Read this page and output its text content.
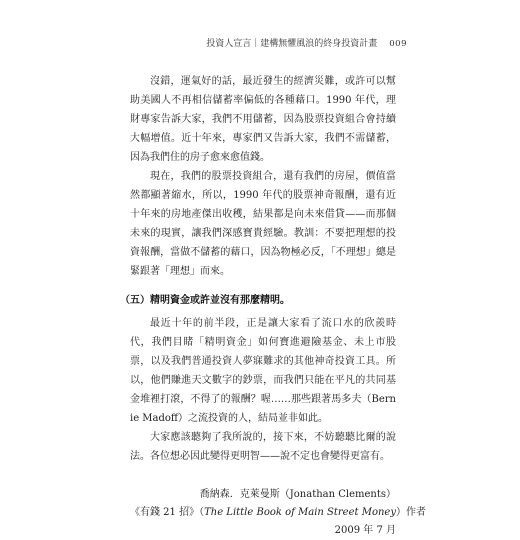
投資人宣言｜建構無懼風浪的終身投資計畫 009

沒錯，運氣好的話，最近發生的經濟災難，或許可以幫助美國人不再相信儲蓄率偏低的各種藉口。1990 年代，理財專家告訴大家，我們不用儲蓄，因為股票投資組合會持續大幅增值。近十年來，專家們又告訴大家，我們不需儲蓄，因為我們住的房子愈來愈值錢。

現在，我們的股票投資組合，還有我們的房屋，價值當然都顯著縮水，所以，1990 年代的股票神奇報酬，還有近十年來的房地產傑出收穫，結果都是向未來借貸——而那個未來的現實，讓我們深感寶貴經驗。教訓：不要把理想的投資報酬，當做不儲蓄的藉口，因為物極必反，「不理想」總是緊跟著「理想」而來。

（五）精明資金或許並沒有那麼精明。

最近十年的前半段，正是讓大家看了流口水的欣羨時代，我們目睹「精明資金」如何寶進避險基金、未上市股票，以及我們普通投資人夢寐難求的其他神奇投資工具。所以，他們賺進天文數字的鈔票，而我們只能在平凡的共同基金堆裡打滾，不得了的報酬？喔……那些跟著馬多夫（Bernie Madoff）之流投資的人，結局並非如此。

大家應該聽夠了我所說的，接下來，不妨聽聽比爾的說法。各位想必因此變得更明智——說不定也會變得更富有。

喬納森．克萊曼斯（Jonathan Clements）
《有錢 21 招》（The Little Book of Main Street Money）作者
2009 年 7 月
